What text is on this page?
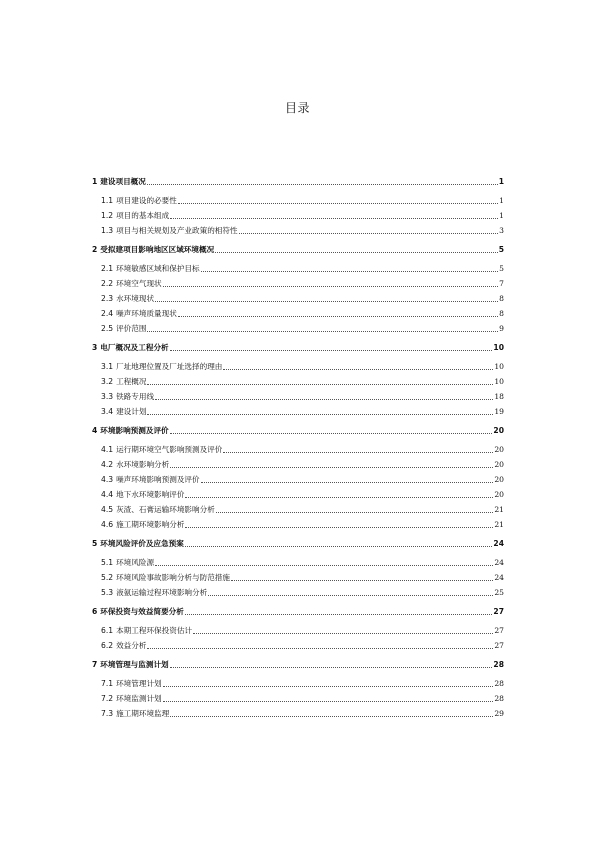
目录
1 建设项目概况	1
1.1 项目建设的必要性	1
1.2 项目的基本组成	1
1.3 项目与相关规划及产业政策的相符性	3
2 受拟建项目影响地区区域环境概况	5
2.1 环境敏感区域和保护目标	5
2.2 环境空气现状	7
2.3 水环境现状	8
2.4 噪声环境质量现状	8
2.5 评价范围	9
3 电厂概况及工程分析	10
3.1 厂址地理位置及厂址选择的理由	10
3.2 工程概况	10
3.3 铁路专用线	18
3.4 建设计划	19
4 环境影响预测及评价	20
4.1 运行期环境空气影响预测及评价	20
4.2 水环境影响分析	20
4.3 噪声环境影响预测及评价	20
4.4 地下水环境影响评价	20
4.5 灰渣、石膏运输环境影响分析	21
4.6 施工期环境影响分析	21
5 环境风险评价及应急预案	24
5.1 环境风险源	24
5.2 环境风险事故影响分析与防范措施	24
5.3 液氨运输过程环境影响分析	25
6 环保投资与效益简要分析	27
6.1 本期工程环保投资估计	27
6.2 效益分析	27
7 环境管理与监测计划	28
7.1 环境管理计划	28
7.2 环境监测计划	28
7.3 施工期环境监理	29
